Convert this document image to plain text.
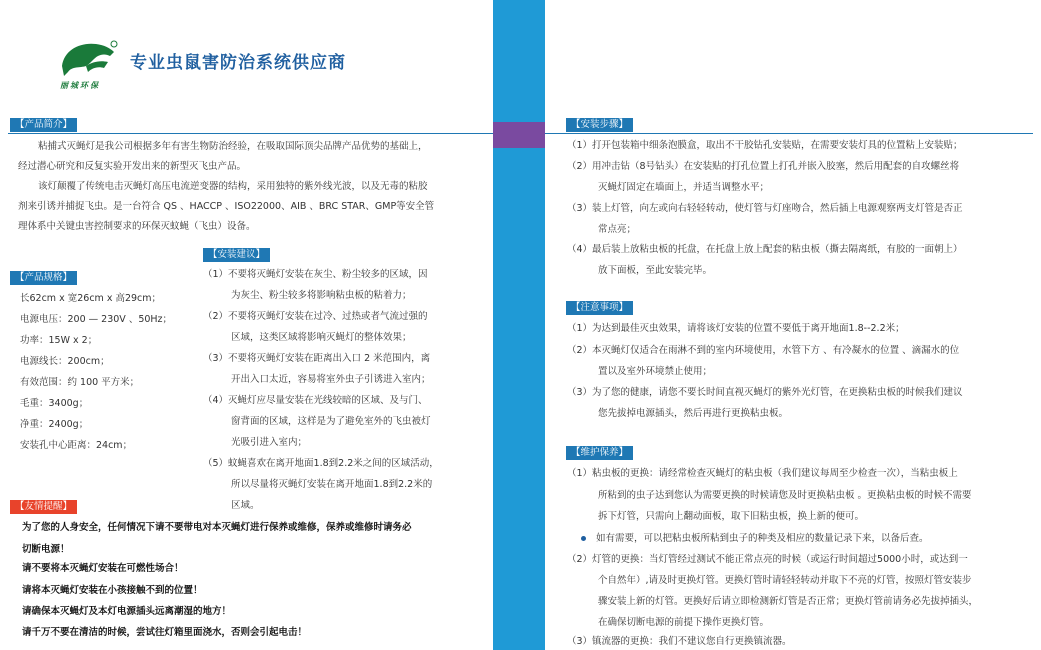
丽城环保
专业虫鼠害防治系统供应商
【产品简介】
粘捕式灭蝇灯是我公司根据多年有害生物防治经验，在吸取国际顶尖品牌产品优势的基础上，
经过潜心研究和反复实验开发出来的新型灭飞虫产品。
该灯颠覆了传统电击灭蝇灯高压电流逆变器的结构，采用独特的紫外线光波，以及无毒的粘胶
剂来引诱并捕捉飞虫。是一台符合 QS 、HACCP 、ISO22000、AIB 、BRC STAR、GMP等安全管
理体系中关键虫害控制要求的环保灭蚊蝇（飞虫）设备。
【产品规格】
长62cm x 宽26cm x 高29cm；
电源电压：200 — 230V 、50Hz；
功率：15W x 2；
电源线长：200cm；
有效范围：约 100 平方米；
毛重：3400g；
净重：2400g；
安装孔中心距离：24cm；
【安装建议】
（1）不要将灭蝇灯安装在灰尘、粉尘较多的区域，因
为灰尘、粉尘较多将影响粘虫板的粘着力；
（2）不要将灭蝇灯安装在过冷、过热或者气流过强的
区域，这类区域将影响灭蝇灯的整体效果；
（3）不要将灭蝇灯安装在距离出入口 2 米范围内，离
开出入口太近，容易将室外虫子引诱进入室内；
（4）灭蝇灯应尽量安装在光线较暗的区域、及与门、
窗背面的区域，这样是为了避免室外的飞虫被灯
光吸引进入室内；
（5）蚊蝇喜欢在离开地面1.8到2.2米之间的区域活动，
所以尽量将灭蝇灯安装在离开地面1.8到2.2米的
区域。
【友情提醒】
为了您的人身安全，任何情况下请不要带电对本灭蝇灯进行保养或维修，保养或维修时请务必
切断电源！
请不要将本灭蝇灯安装在可燃性场合！
请将本灭蝇灯安装在小孩接触不到的位置！
请确保本灭蝇灯及本灯电源插头远离潮湿的地方！
请千万不要在清洁的时候，尝试往灯箱里面浇水，否则会引起电击！
【安装步骤】
（1）打开包装箱中细条泡膜盒，取出不干胶钻孔安装贴，在需要安装灯具的位置粘上安装贴；
（2）用冲击钻（8号钻头）在安装贴的打孔位置上打孔并嵌入胶塞，然后用配套的自攻螺丝将
灭蝇灯固定在墙面上，并适当调整水平；
（3）装上灯管，向左或向右轻轻转动，使灯管与灯座吻合，然后插上电源观察两支灯管是否正
常点亮；
（4）最后装上放粘虫板的托盘，在托盘上放上配套的粘虫板（撕去隔离纸，有胶的一面朝上）
放下面板，至此安装完毕。
【注意事项】
（1）为达到最佳灭虫效果，请将该灯安装的位置不要低于离开地面1.8--2.2米；
（2）本灭蝇灯仅适合在雨淋不到的室内环境使用，水管下方 、有冷凝水的位置 、滴漏水的位
置以及室外环境禁止使用；
（3）为了您的健康，请您不要长时间直视灭蝇灯的紫外光灯管，在更换粘虫板的时候我们建议
您先拔掉电源插头，然后再进行更换粘虫板。
【维护保养】
（1）粘虫板的更换：请经常检查灭蝇灯的粘虫板（我们建议每周至少检查一次），当粘虫板上
所粘到的虫子达到您认为需要更换的时候请您及时更换粘虫板 。更换粘虫板的时候不需要
拆下灯管，只需向上翻动面板，取下旧粘虫板，换上新的便可。
如有需要，可以把粘虫板所粘到虫子的种类及相应的数量记录下来，以备后查。
（2）灯管的更换：当灯管经过测试不能正常点亮的时候（或运行时间超过5000小时，或达到一
个自然年）,请及时更换灯管。更换灯管时请轻轻转动并取下不亮的灯管，按照灯管安装步
骤安装上新的灯管。更换好后请立即检测新灯管是否正常；更换灯管前请务必先拔掉插头，
在确保切断电源的前提下操作更换灯管。
（3）镇流器的更换：我们不建议您自行更换镇流器。
